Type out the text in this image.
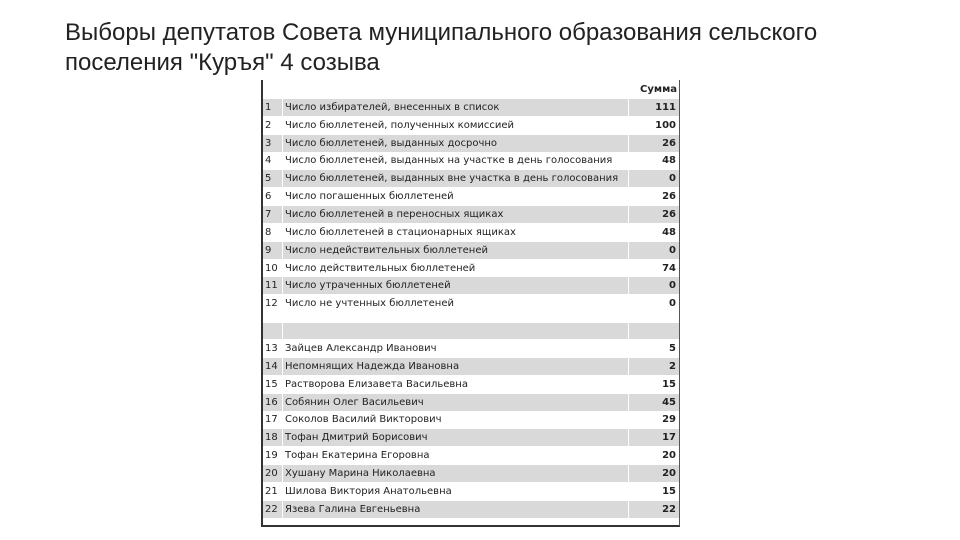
Выборы депутатов Совета муниципального образования сельского поселения "Куръя" 4 созыва
Сумма
1	Число избирателей, внесенных в список	111
2	Число бюллетеней, полученных комиссией	100
3	Число бюллетеней, выданных досрочно	26
4	Число бюллетеней, выданных на участке в день голосования	48
5	Число бюллетеней, выданных вне участка в день голосования	0
6	Число погашенных бюллетеней	26
7	Число бюллетеней в переносных ящиках	26
8	Число бюллетеней в стационарных ящиках	48
9	Число недействительных бюллетеней	0
10 Число действительных бюллетеней	74
11 Число утраченных бюллетеней	0
12 Число не учтенных бюллетеней	0
13 Зайцев Александр Иванович	5
14 Непомнящих Надежда Ивановна	2
15 Растворова Елизавета Васильевна	15
16 Собянин Олег Васильевич	45
17 Соколов Василий Викторович	29
18 Тофан Дмитрий Борисович	17
19 Тофан Екатерина Егоровна	20
20 Хушану Марина Николаевна	20
21 Шилова Виктория Анатольевна	15
22 Язева Галина Евгеньевна	22
